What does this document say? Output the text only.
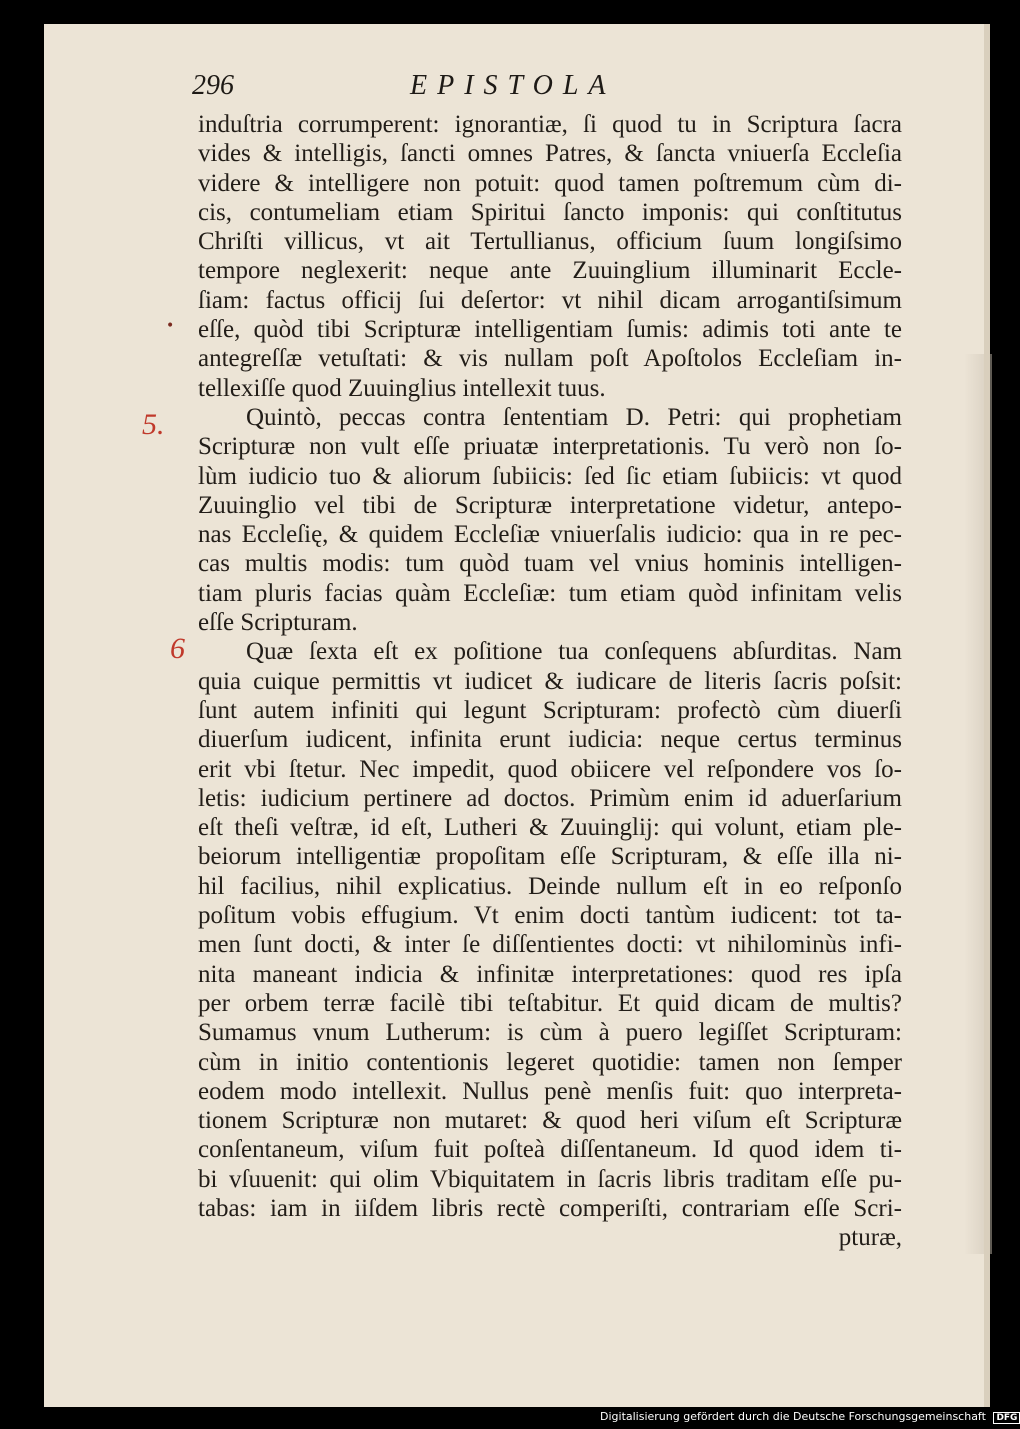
296	EPISTOLA
•
5.
6
induſtria corrumperent: ignorantiæ, ſi quod tu in Scriptura ſacra
vides & intelligis, ſancti omnes Patres, & ſancta vniuerſa Eccleſia
videre & intelligere non potuit: quod tamen poſtremum cùm di-
cis, contumeliam etiam Spiritui ſancto imponis: qui conſtitutus
Chriſti villicus, vt ait Tertullianus, officium ſuum longiſsimo
tempore neglexerit: neque ante Zuuinglium illuminarit Eccle-
ſiam: factus officij ſui deſertor: vt nihil dicam arrogantiſsimum
eſſe, quòd tibi Scripturæ intelligentiam ſumis: adimis toti ante te
antegreſſæ vetuſtati: & vis nullam poſt Apoſtolos Eccleſiam in-
tellexiſſe quod Zuuinglius intellexit tuus.
Quintò, peccas contra ſententiam D. Petri: qui prophetiam
Scripturæ non vult eſſe priuatæ interpretationis. Tu verò non ſo-
lùm iudicio tuo & aliorum ſubiicis: ſed ſic etiam ſubiicis: vt quod
Zuuinglio vel tibi de Scripturæ interpretatione videtur, antepo-
nas Eccleſię, & quidem Eccleſiæ vniuerſalis iudicio: qua in re pec-
cas multis modis: tum quòd tuam vel vnius hominis intelligen-
tiam pluris facias quàm Eccleſiæ: tum etiam quòd infinitam velis
eſſe Scripturam.
Quæ ſexta eſt ex poſitione tua conſequens abſurditas. Nam
quia cuique permittis vt iudicet & iudicare de literis ſacris poſsit:
ſunt autem infiniti qui legunt Scripturam: profectò cùm diuerſi
diuerſum iudicent, infinita erunt iudicia: neque certus terminus
erit vbi ſtetur. Nec impedit, quod obiicere vel reſpondere vos ſo-
letis: iudicium pertinere ad doctos. Primùm enim id aduerſarium
eſt theſi veſtræ, id eſt, Lutheri & Zuuinglij: qui volunt, etiam ple-
beiorum intelligentiæ propoſitam eſſe Scripturam, & eſſe illa ni-
hil facilius, nihil explicatius. Deinde nullum eſt in eo reſponſo
poſitum vobis effugium. Vt enim docti tantùm iudicent: tot ta-
men ſunt docti, & inter ſe diſſentientes docti: vt nihilominùs infi-
nita maneant indicia & infinitæ interpretationes: quod res ipſa
per orbem terræ facilè tibi teſtabitur. Et quid dicam de multis?
Sumamus vnum Lutherum: is cùm à puero legiſſet Scripturam:
cùm in initio contentionis legeret quotidie: tamen non ſemper
eodem modo intellexit. Nullus penè menſis fuit: quo interpreta-
tionem Scripturæ non mutaret: & quod heri viſum eſt Scripturæ
conſentaneum, viſum fuit poſteà diſſentaneum. Id quod idem ti-
bi vſuuenit: qui olim Vbiquitatem in ſacris libris traditam eſſe pu-
tabas: iam in iiſdem libris rectè comperiſti, contrariam eſſe Scri-
pturæ,
Digitalisierung gefördert durch die Deutsche Forschungsgemeinschaft DFG
